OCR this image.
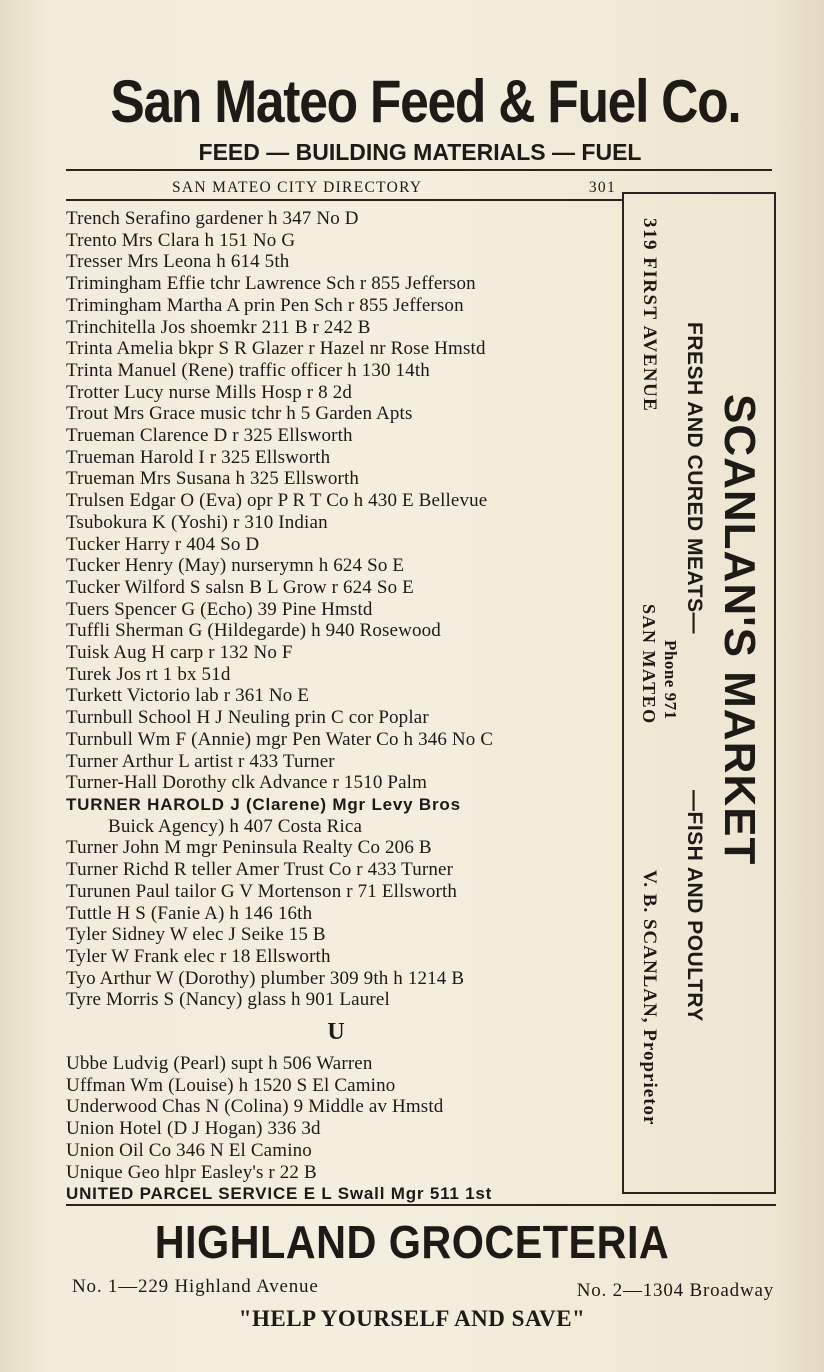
San Mateo Feed & Fuel Co.
FEED — BUILDING MATERIALS — FUEL
SAN MATEO CITY DIRECTORY	301
Trench Serafino gardener h 347 No D
Trento Mrs Clara h 151 No G
Tresser Mrs Leona h 614 5th
Trimingham Effie tchr Lawrence Sch r 855 Jefferson
Trimingham Martha A prin Pen Sch r 855 Jefferson
Trinchitella Jos shoemkr 211 B r 242 B
Trinta Amelia bkpr S R Glazer r Hazel nr Rose Hmstd
Trinta Manuel (Rene) traffic officer h 130 14th
Trotter Lucy nurse Mills Hosp r 8 2d
Trout Mrs Grace music tchr h 5 Garden Apts
Trueman Clarence D r 325 Ellsworth
Trueman Harold I r 325 Ellsworth
Trueman Mrs Susana h 325 Ellsworth
Trulsen Edgar O (Eva) opr P R T Co h 430 E Bellevue
Tsubokura K (Yoshi) r 310 Indian
Tucker Harry r 404 So D
Tucker Henry (May) nurserymn h 624 So E
Tucker Wilford S salsn B L Grow r 624 So E
Tuers Spencer G (Echo) 39 Pine Hmstd
Tuffli Sherman G (Hildegarde) h 940 Rosewood
Tuisk Aug H carp r 132 No F
Turek Jos rt 1 bx 51d
Turkett Victorio lab r 361 No E
Turnbull School H J Neuling prin C cor Poplar
Turnbull Wm F (Annie) mgr Pen Water Co h 346 No C
Turner Arthur L artist r 433 Turner
Turner-Hall Dorothy clk Advance r 1510 Palm
TURNER HAROLD J (Clarene) Mgr Levy Bros
Buick Agency) h 407 Costa Rica
Turner John M mgr Peninsula Realty Co 206 B
Turner Richd R teller Amer Trust Co r 433 Turner
Turunen Paul tailor G V Mortenson r 71 Ellsworth
Tuttle H S (Fanie A) h 146 16th
Tyler Sidney W elec J Seike 15 B
Tyler W Frank elec r 18 Ellsworth
Tyo Arthur W (Dorothy) plumber 309 9th h 1214 B
Tyre Morris S (Nancy) glass h 901 Laurel
U
Ubbe Ludvig (Pearl) supt h 506 Warren
Uffman Wm (Louise) h 1520 S El Camino
Underwood Chas N (Colina) 9 Middle av Hmstd
Union Hotel (D J Hogan) 336 3d
Union Oil Co 346 N El Camino
Unique Geo hlpr Easley's r 22 B
UNITED PARCEL SERVICE E L Swall Mgr 511 1st
319 FIRST AVENUE
FRESH AND CURED MEATS— SCANLAN'S MARKET
SAN MATEO Phone 971
—FISH AND POULTRY
V. B. SCANLAN, Proprietor
HIGHLAND GROCETERIA
No. 1—229 Highland Avenue	No. 2—1304 Broadway
"HELP YOURSELF AND SAVE"
